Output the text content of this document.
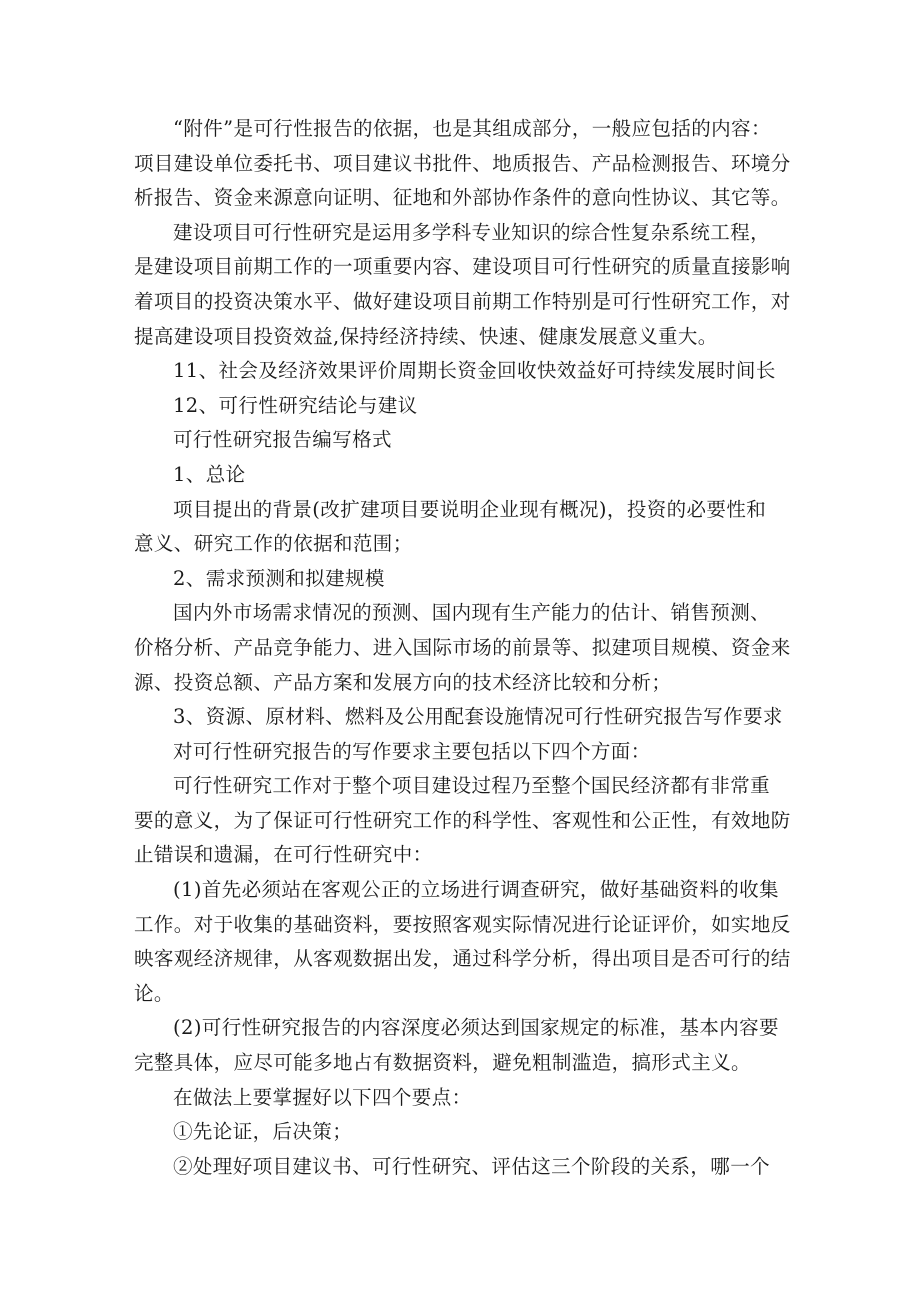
“附件”是可行性报告的依据，也是其组成部分，一般应包括的内容：
项目建设单位委托书、项目建议书批件、地质报告、产品检测报告、环境分
析报告、资金来源意向证明、征地和外部协作条件的意向性协议、其它等。

建设项目可行性研究是运用多学科专业知识的综合性复杂系统工程，
是建设项目前期工作的一项重要内容、建设项目可行性研究的质量直接影响
着项目的投资决策水平、做好建设项目前期工作特别是可行性研究工作，对
提高建设项目投资效益,保持经济持续、快速、健康发展意义重大。

11、社会及经济效果评价周期长资金回收快效益好可持续发展时间长

12、可行性研究结论与建议

可行性研究报告编写格式

1、总论

项目提出的背景(改扩建项目要说明企业现有概况)，投资的必要性和
意义、研究工作的依据和范围；

2、需求预测和拟建规模

国内外市场需求情况的预测、国内现有生产能力的估计、销售预测、
价格分析、产品竞争能力、进入国际市场的前景等、拟建项目规模、资金来
源、投资总额、产品方案和发展方向的技术经济比较和分析；

3、资源、原材料、燃料及公用配套设施情况可行性研究报告写作要求

对可行性研究报告的写作要求主要包括以下四个方面：

可行性研究工作对于整个项目建设过程乃至整个国民经济都有非常重
要的意义，为了保证可行性研究工作的科学性、客观性和公正性，有效地防
止错误和遗漏，在可行性研究中：

(1)首先必须站在客观公正的立场进行调查研究，做好基础资料的收集
工作。对于收集的基础资料，要按照客观实际情况进行论证评价，如实地反
映客观经济规律，从客观数据出发，通过科学分析，得出项目是否可行的结
论。

(2)可行性研究报告的内容深度必须达到国家规定的标准，基本内容要
完整具体，应尽可能多地占有数据资料，避免粗制滥造，搞形式主义。

在做法上要掌握好以下四个要点：

①先论证，后决策；

②处理好项目建议书、可行性研究、评估这三个阶段的关系，哪一个
